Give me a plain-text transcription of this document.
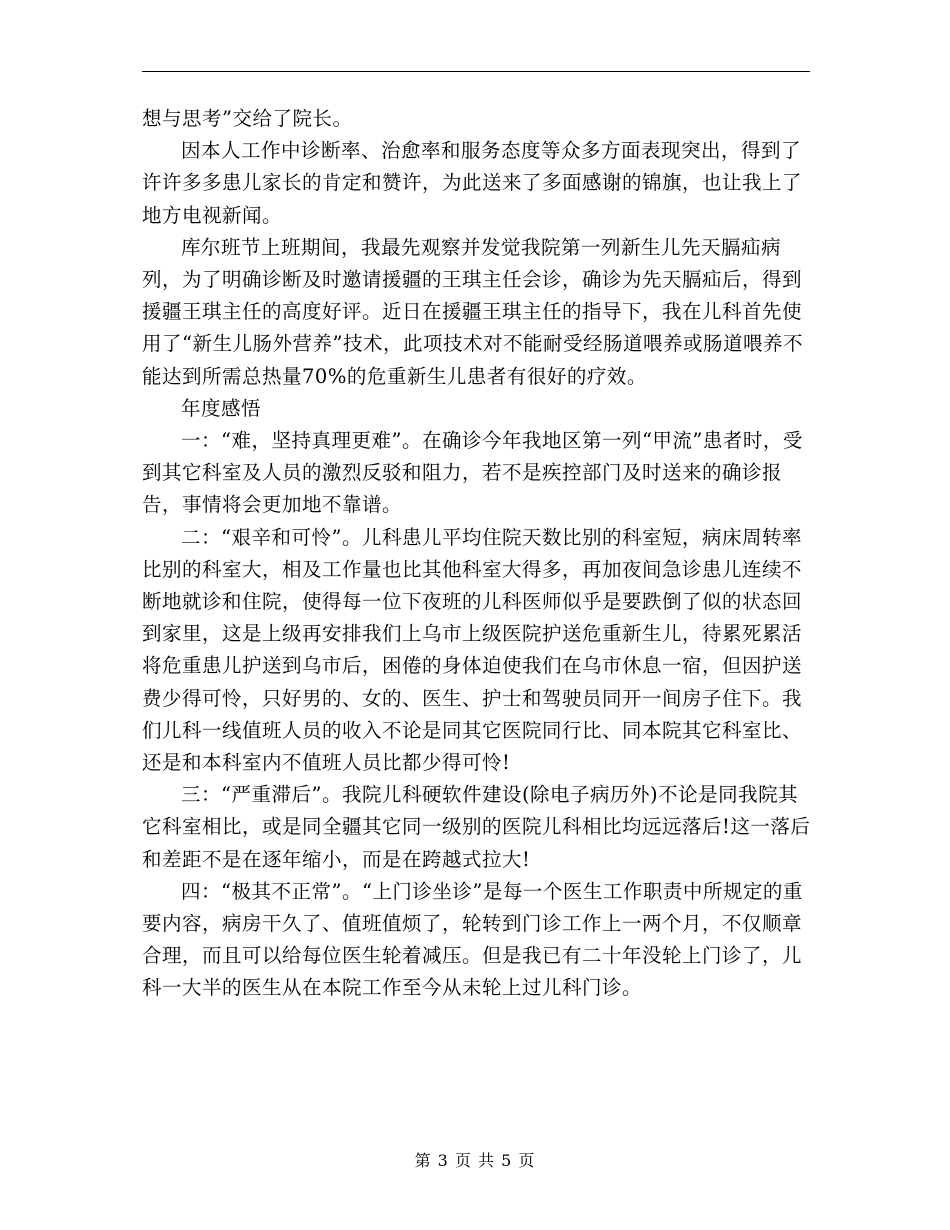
想与思考”交给了院长。

因本人工作中诊断率、治愈率和服务态度等众多方面表现突出，得到了许许多多患儿家长的肯定和赞许，为此送来了多面感谢的锦旗，也让我上了地方电视新闻。

库尔班节上班期间，我最先观察并发觉我院第一列新生儿先天膈疝病列，为了明确诊断及时邀请援疆的王琪主任会诊，确诊为先天膈疝后，得到援疆王琪主任的高度好评。近日在援疆王琪主任的指导下，我在儿科首先使用了“新生儿肠外营养”技术，此项技术对不能耐受经肠道喂养或肠道喂养不能达到所需总热量70%的危重新生儿患者有很好的疗效。

年度感悟

一：“难，坚持真理更难”。在确诊今年我地区第一列“甲流”患者时，受到其它科室及人员的激烈反驳和阻力，若不是疾控部门及时送来的确诊报告，事情将会更加地不靠谱。

二：“艰辛和可怜”。儿科患儿平均住院天数比别的科室短，病床周转率比别的科室大，相及工作量也比其他科室大得多，再加夜间急诊患儿连续不断地就诊和住院，使得每一位下夜班的儿科医师似乎是要跌倒了似的状态回到家里，这是上级再安排我们上乌市上级医院护送危重新生儿，待累死累活将危重患儿护送到乌市后，困倦的身体迫使我们在乌市休息一宿，但因护送费少得可怜，只好男的、女的、医生、护士和驾驶员同开一间房子住下。我们儿科一线值班人员的收入不论是同其它医院同行比、同本院其它科室比、还是和本科室内不值班人员比都少得可怜!

三：“严重滞后”。我院儿科硬软件建设(除电子病历外)不论是同我院其它科室相比，或是同全疆其它同一级别的医院儿科相比均远远落后!这一落后和差距不是在逐年缩小，而是在跨越式拉大!

四：“极其不正常”。“上门诊坐诊”是每一个医生工作职责中所规定的重要内容，病房干久了、值班值烦了，轮转到门诊工作上一两个月，不仅顺章合理，而且可以给每位医生轮着减压。但是我已有二十年没轮上门诊了，儿科一大半的医生从在本院工作至今从未轮上过儿科门诊。

第 3 页 共 5 页
